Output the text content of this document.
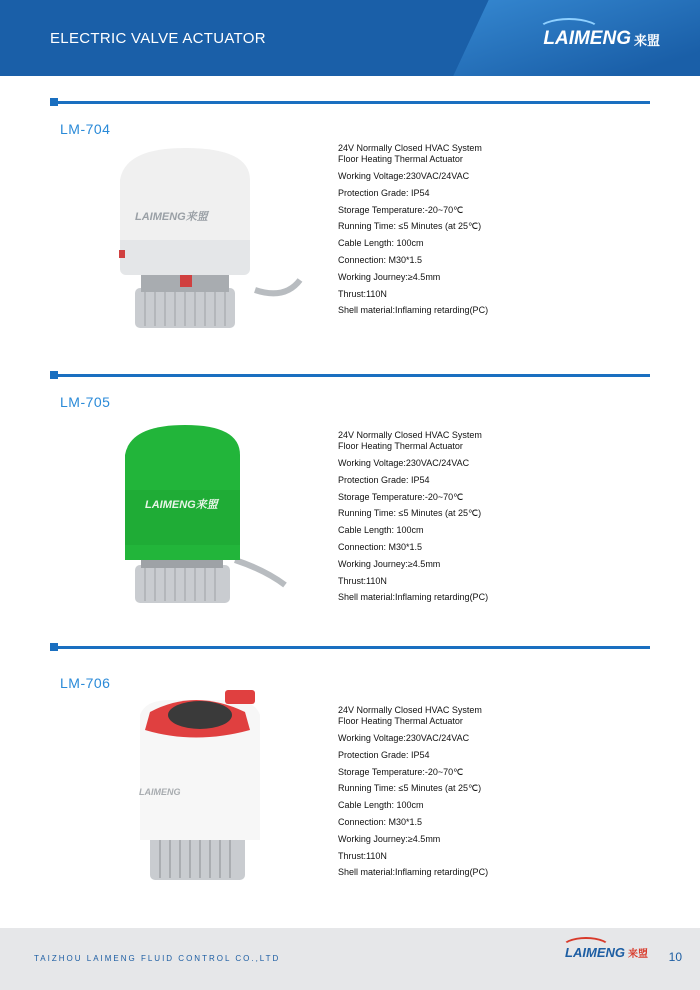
ELECTRIC VALVE ACTUATOR	LAIMENG 来盟
LM-704
LAIMENG来盟
24V Normally Closed HVAC System
Floor Heating Thermal Actuator
Working Voltage:230VAC/24VAC
Protection Grade: IP54
Storage Temperature:-20~70℃
Running Time: ≤5 Minutes (at 25℃)
Cable Length: 100cm
Connection: M30*1.5
Working Journey:≥4.5mm
Thrust:110N
Shell material:Inflaming retarding(PC)
LM-705
LAIMENG来盟
24V Normally Closed HVAC System
Floor Heating Thermal Actuator
Working Voltage:230VAC/24VAC
Protection Grade: IP54
Storage Temperature:-20~70℃
Running Time: ≤5 Minutes (at 25℃)
Cable Length: 100cm
Connection: M30*1.5
Working Journey:≥4.5mm
Thrust:110N
Shell material:Inflaming retarding(PC)
LM-706
LAIMENG
24V Normally Closed HVAC System
Floor Heating Thermal Actuator
Working Voltage:230VAC/24VAC
Protection Grade: IP54
Storage Temperature:-20~70℃
Running Time: ≤5 Minutes (at 25℃)
Cable Length: 100cm
Connection: M30*1.5
Working Journey:≥4.5mm
Thrust:110N
Shell material:Inflaming retarding(PC)
TAIZHOU LAIMENG FLUID CONTROL CO.,LTD	LAIMENG 来盟 10
